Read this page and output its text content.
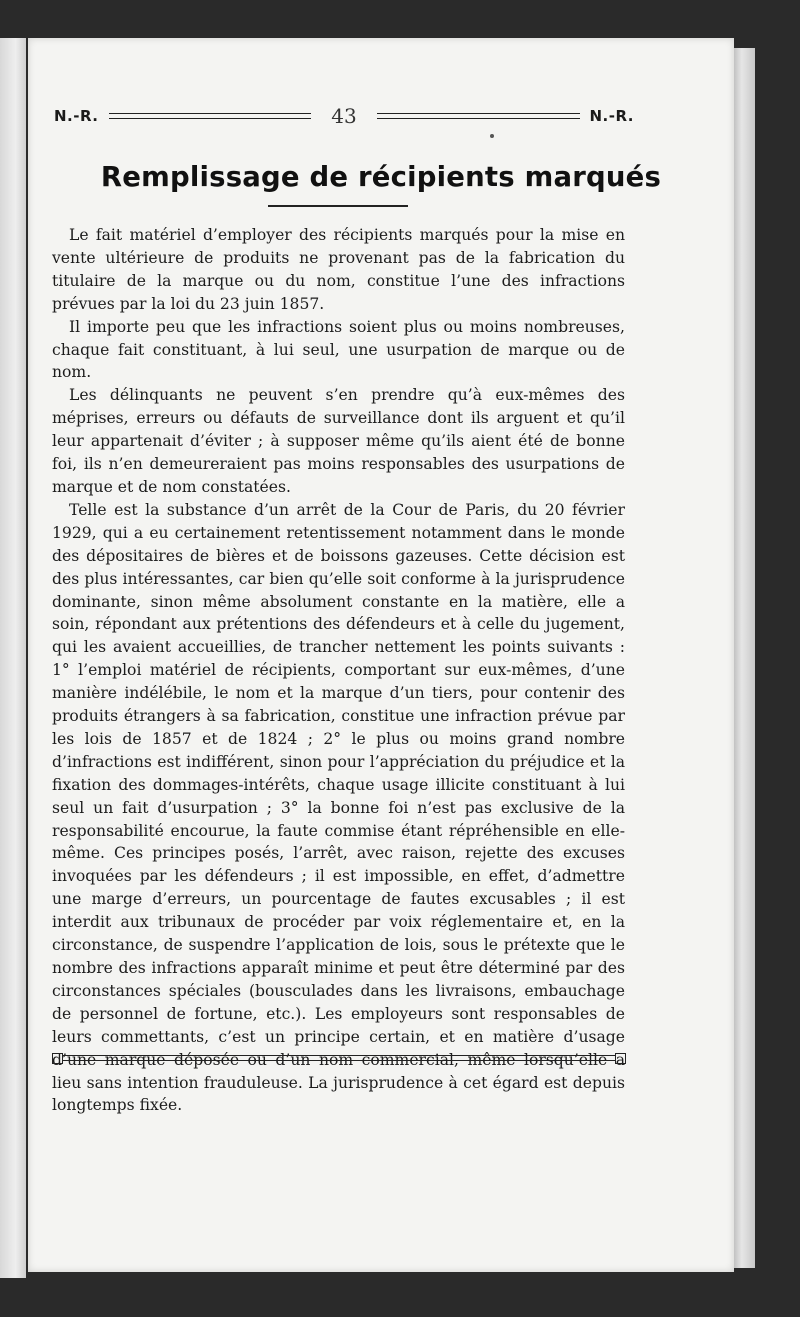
N.-R.	43	N.-R.
Remplissage de récipients marqués

Le fait matériel d’employer des récipients marqués pour la mise en vente ultérieure de produits ne provenant pas de la fabrication du titulaire de la marque ou du nom, constitue l’une des infractions prévues par la loi du 23 juin 1857.

Il importe peu que les infractions soient plus ou moins nombreuses, chaque fait constituant, à lui seul, une usurpation de marque ou de nom.

Les délinquants ne peuvent s’en prendre qu’à eux-mêmes des méprises, erreurs ou défauts de surveillance dont ils arguent et qu’il leur appartenait d’éviter ; à supposer même qu’ils aient été de bonne foi, ils n’en demeureraient pas moins responsables des usurpations de marque et de nom constatées.

Telle est la substance d’un arrêt de la Cour de Paris, du 20 février 1929, qui a eu certainement retentissement notamment dans le monde des dépositaires de bières et de boissons gazeuses. Cette décision est des plus intéressantes, car bien qu’elle soit conforme à la jurisprudence dominante, sinon même absolument constante en la matière, elle a soin, répondant aux prétentions des défendeurs et à celle du jugement, qui les avaient accueillies, de trancher nettement les points suivants : 1° l’emploi matériel de récipients, comportant sur eux-mêmes, d’une manière indélébile, le nom et la marque d’un tiers, pour contenir des produits étrangers à sa fabrication, constitue une infraction prévue par les lois de 1857 et de 1824 ; 2° le plus ou moins grand nombre d’infractions est indifférent, sinon pour l’appréciation du préjudice et la fixation des dommages-intérêts, chaque usage illicite constituant à lui seul un fait d’usurpation ; 3° la bonne foi n’est pas exclusive de la responsabilité encourue, la faute commise étant répréhensible en elle-même. Ces principes posés, l’arrêt, avec raison, rejette des excuses invoquées par les défendeurs ; il est impossible, en effet, d’admettre une marge d’erreurs, un pourcentage de fautes excusables ; il est interdit aux tribunaux de procéder par voix réglementaire et, en la circonstance, de suspendre l’application de lois, sous le prétexte que le nombre des infractions apparaît minime et peut être déterminé par des circonstances spéciales (bousculades dans les livraisons, embauchage de personnel de fortune, etc.). Les employeurs sont responsables de leurs commettants, c’est un principe certain, et en matière d’usage d’une marque déposée ou d’un nom commercial, même lorsqu’elle a lieu sans intention frauduleuse. La jurisprudence à cet égard est depuis longtemps fixée.
